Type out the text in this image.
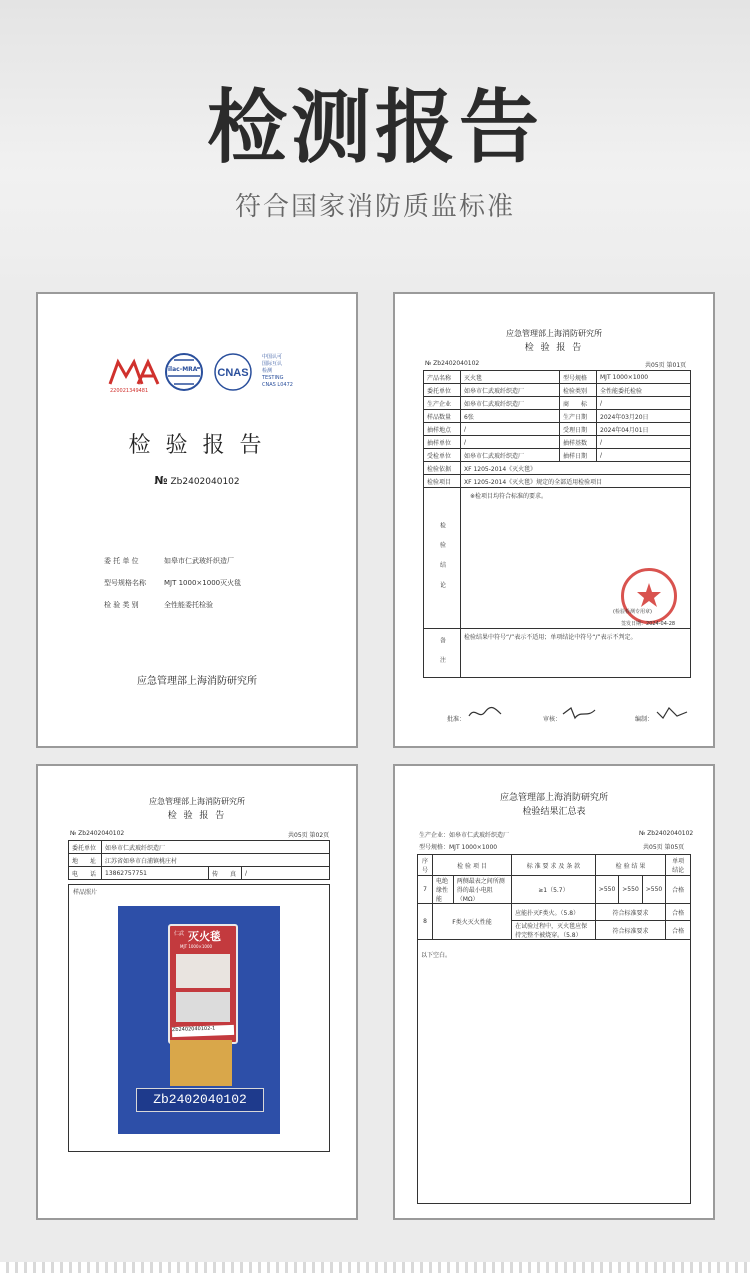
检测报告
符合国家消防质监标准
220021349481
ilac-MRA CNAS
中国认可
国际互认
检测
TESTING
CNAS L0472
检 验 报 告
№ Zb2402040102
委 托 单 位	如皋市仁武玻纤织造厂
型号规格名称	MJT 1000×1000灭火毯
检 验 类 别	全性能委托检验
应急管理部上海消防研究所
应急管理部上海消防研究所
检 验 报 告
№ Zb2402040102	共05页 第01页
产品名称	灭火毯	型号规格	MJT 1000×1000
委托单位	如皋市仁武玻纤织造厂	检验类别	全性能委托检验
生产企业	如皋市仁武玻纤织造厂	商　　标	/
样品数量	6张	生产日期	2024年03月20日
抽样地点	/	受理日期	2024年04月01日
抽样单位	/	抽样基数	/
受检单位	如皋市仁武玻纤织造厂	抽样日期	/
检验依据	XF 1205-2014《灭火毯》		
检验项目	XF 1205-2014《灭火毯》规定的全部适用检验项目		
检 验 结 论	※检项目均符合标准的要求。
(检验检测专用章)
签发日期：2024-04-28		

备 注	检验结果中符号“/”表示不适用；单项结论中符号“/”表示不判定。		
批准：	审核：	编制：
应急管理部上海消防研究所
检 验 报 告
№ Zb2402040102	共05页 第02页
委托单位	如皋市仁武玻纤织造厂		
地　　址	江苏省如皋市白浦镇桃庄村		
电　　话	13862757751	传　　真	/
样品照片
仁武 灭火毯
MJT 1000×1000
Zb2402040102-1
Zb2402040102
应急管理部上海消防研究所
检验结果汇总表
生产企业：如皋市仁武玻纤织造厂
型号规格：MJT 1000×1000
№ Zb2402040102
共05页 第05页
序号	检 验 项 目		标 准 要 求 及 条 款	检 验 结 果			单项结论
7	电绝缘性能	两侧最表之间所测得的最小电阻（MΩ）	≥1（5.7）	>550	>550	>550	合格
8	F类火灭火性能		应能扑灭F类火。（5.8）	符合标准要求			合格
			在试验过程中，灭火毯应保持完整不被烧穿。（5.8）	符合标准要求			合格
以下空白。
